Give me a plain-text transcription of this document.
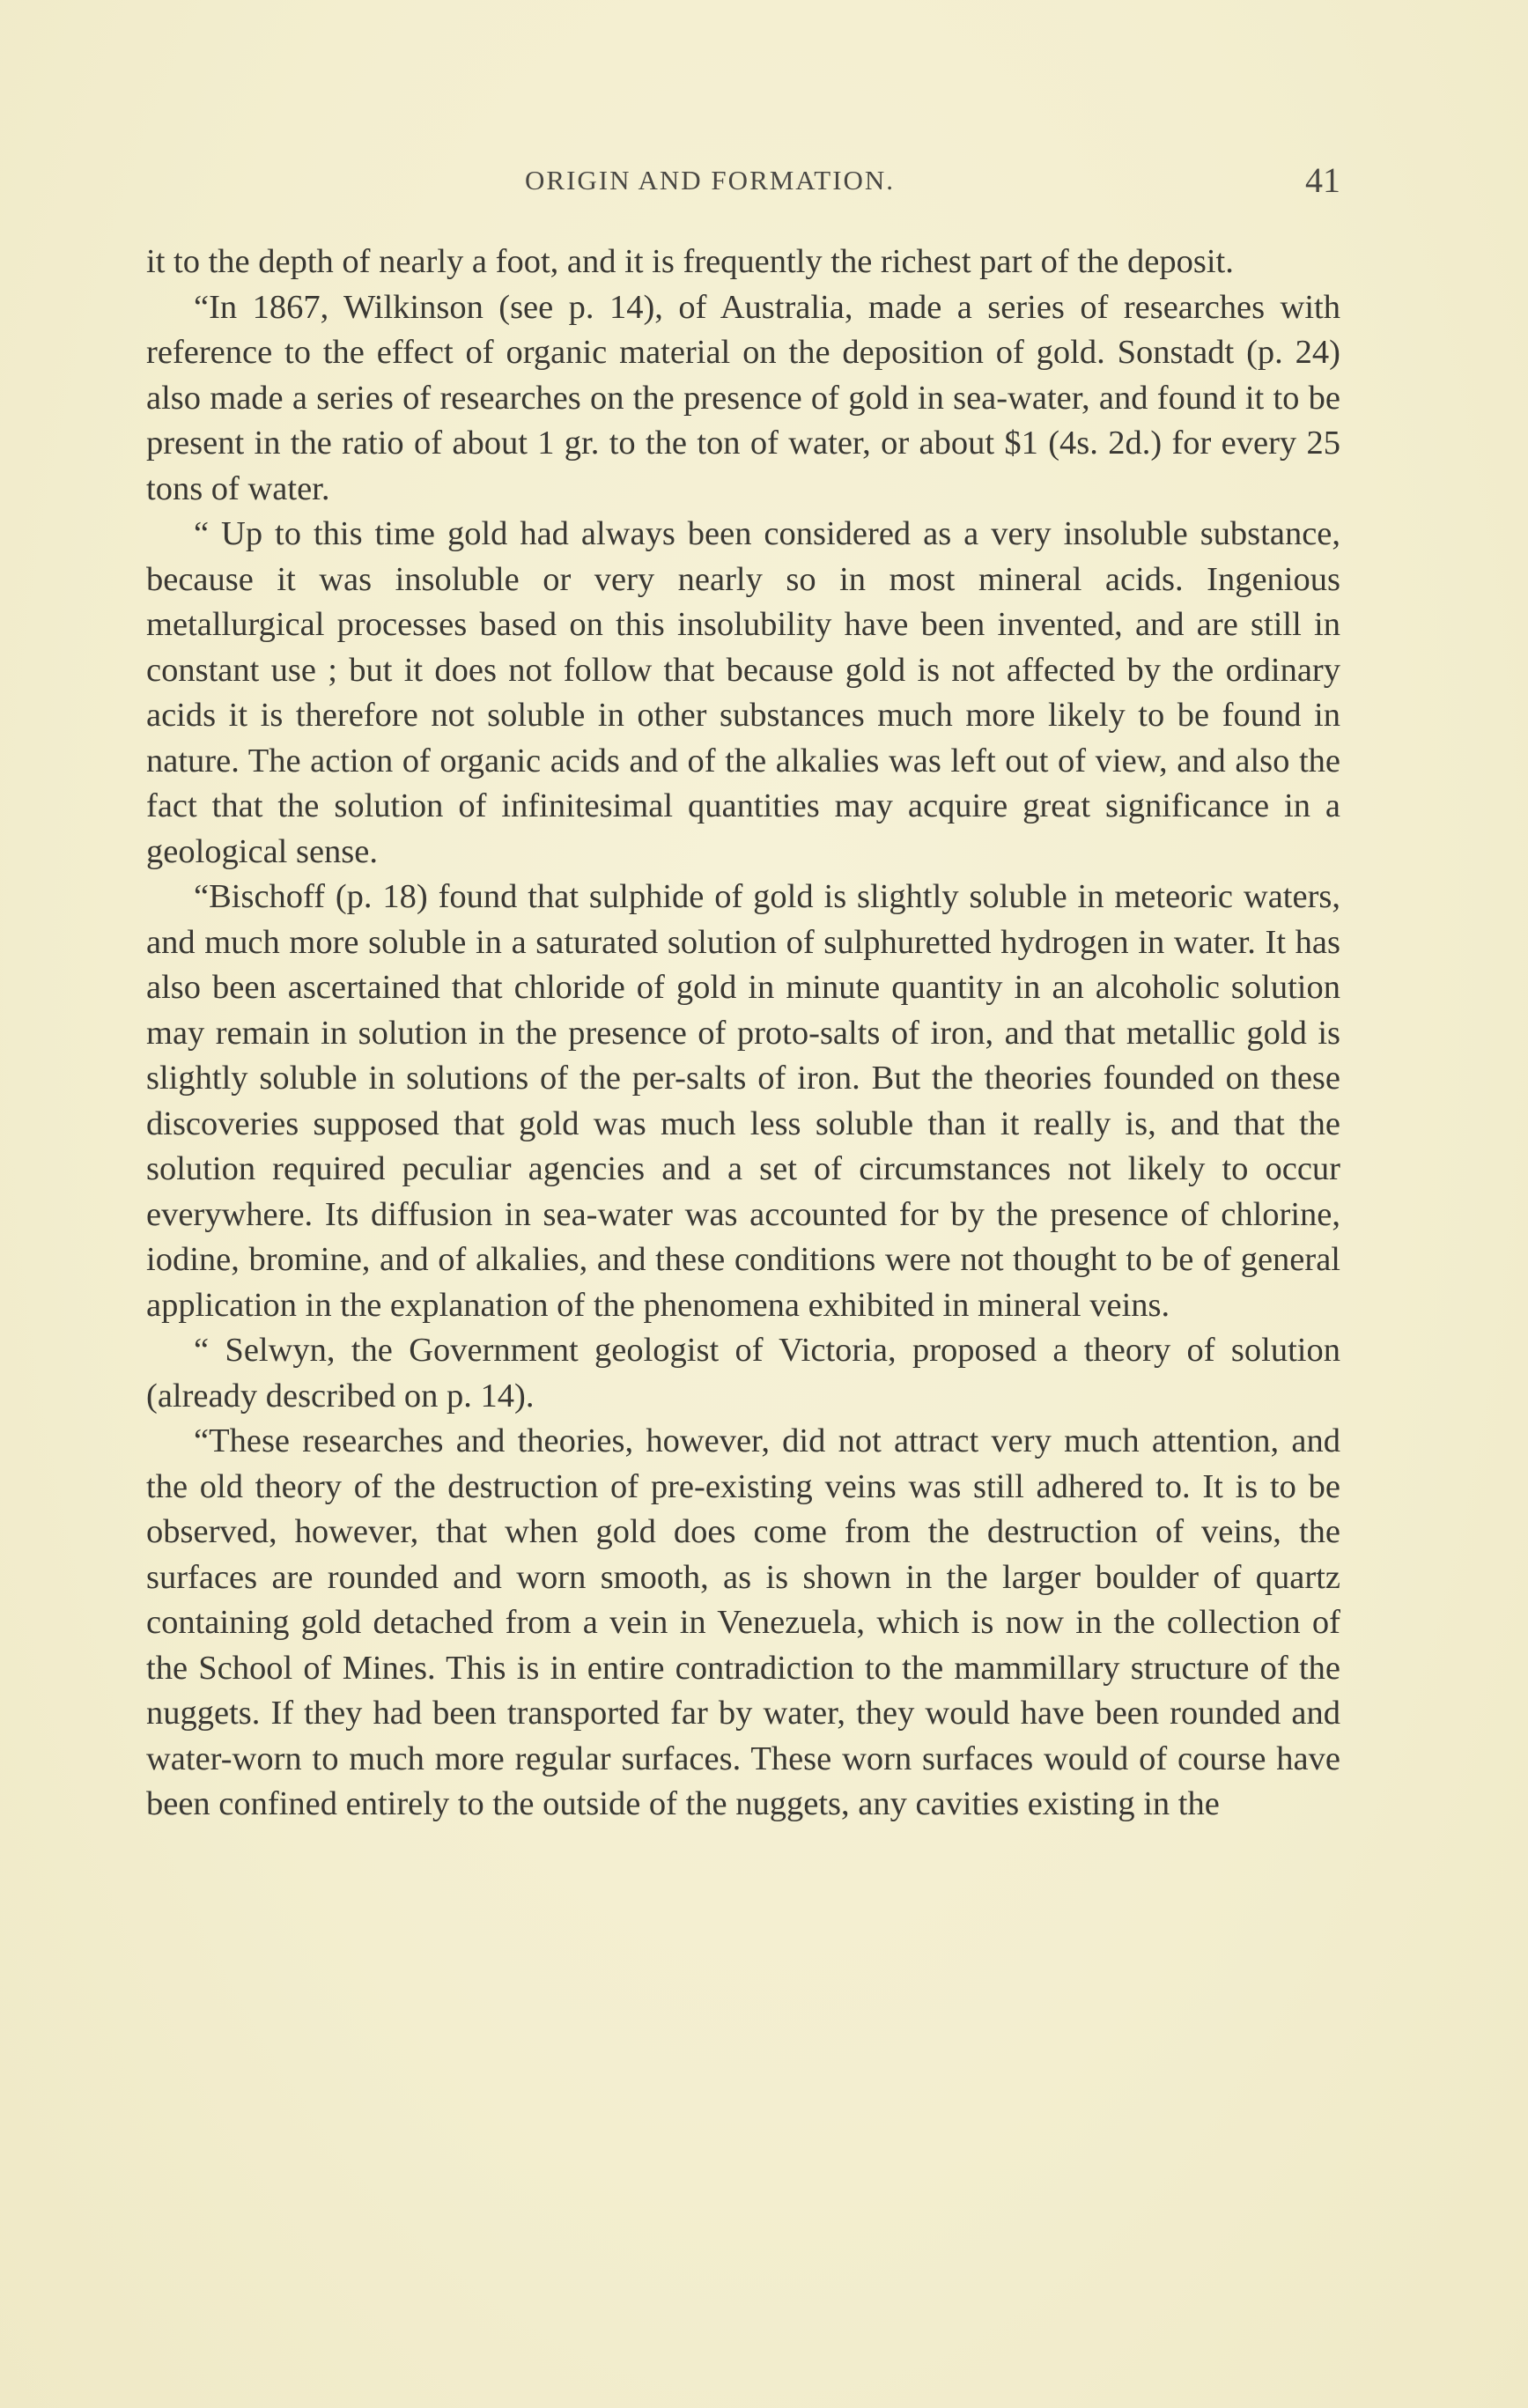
ORIGIN AND FORMATION.	41

it to the depth of nearly a foot, and it is frequently the richest part of the deposit.

“In 1867, Wilkinson (see p. 14), of Australia, made a series of researches with reference to the effect of organic material on the deposition of gold. Sonstadt (p. 24) also made a series of researches on the presence of gold in sea-water, and found it to be present in the ratio of about 1 gr. to the ton of water, or about $1 (4s. 2d.) for every 25 tons of water.

“ Up to this time gold had always been considered as a very insoluble substance, because it was insoluble or very nearly so in most mineral acids. Ingenious metallurgical processes based on this insolubility have been invented, and are still in constant use ; but it does not follow that because gold is not affected by the ordinary acids it is therefore not soluble in other substances much more likely to be found in nature. The action of organic acids and of the alkalies was left out of view, and also the fact that the solution of infinitesimal quantities may acquire great significance in a geological sense.

“Bischoff (p. 18) found that sulphide of gold is slightly soluble in meteoric waters, and much more soluble in a saturated solution of sulphuretted hydrogen in water. It has also been ascertained that chloride of gold in minute quantity in an alcoholic solution may remain in solution in the presence of proto-salts of iron, and that metallic gold is slightly soluble in solutions of the per-salts of iron. But the theories founded on these discoveries supposed that gold was much less soluble than it really is, and that the solution required peculiar agencies and a set of circumstances not likely to occur everywhere. Its diffusion in sea-water was accounted for by the presence of chlorine, iodine, bromine, and of alkalies, and these conditions were not thought to be of general application in the explanation of the phenomena exhibited in mineral veins.

“ Selwyn, the Government geologist of Victoria, proposed a theory of solution (already described on p. 14).

“These researches and theories, however, did not attract very much attention, and the old theory of the destruction of pre-existing veins was still adhered to. It is to be observed, however, that when gold does come from the destruction of veins, the surfaces are rounded and worn smooth, as is shown in the larger boulder of quartz containing gold detached from a vein in Venezuela, which is now in the collection of the School of Mines. This is in entire contradiction to the mammillary structure of the nuggets. If they had been transported far by water, they would have been rounded and water-worn to much more regular surfaces. These worn surfaces would of course have been confined entirely to the outside of the nuggets, any cavities existing in the
